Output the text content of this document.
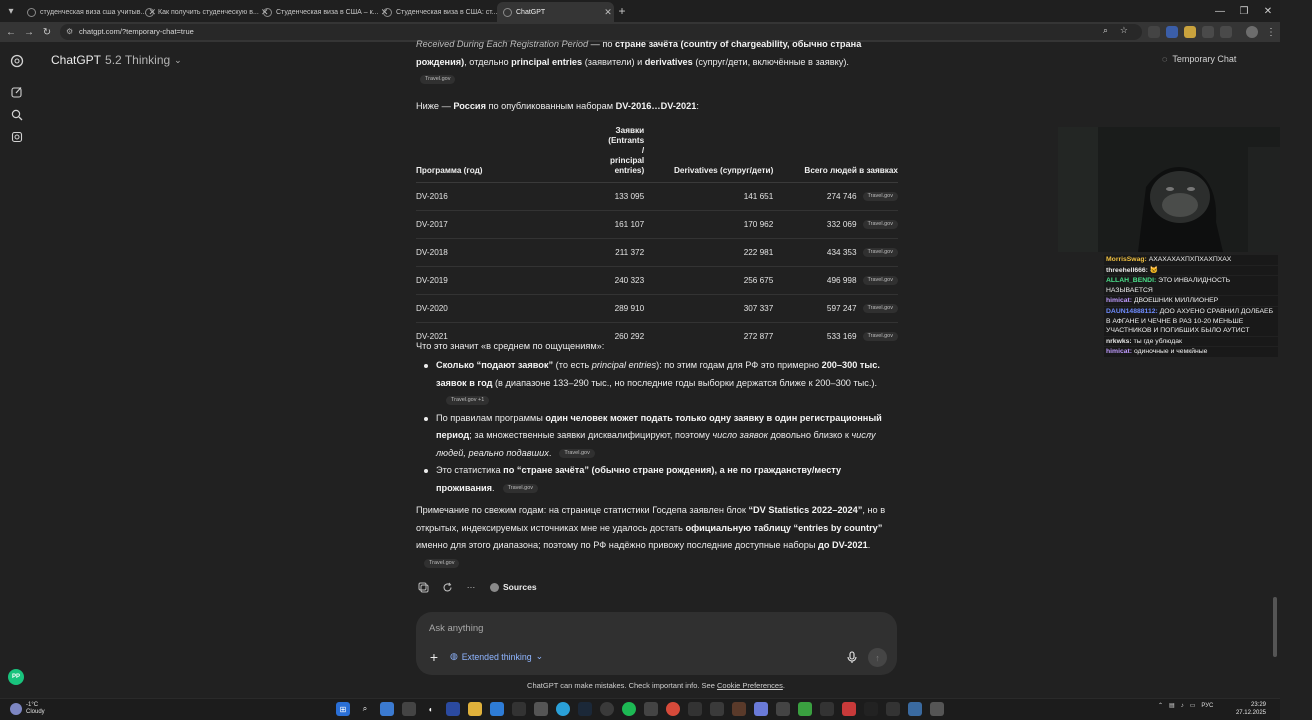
▾	студенческая виза сша учитыв... ✕ Как получить студенческую в... ✕	Студенческая виза в США – к... ✕	Студенческая виза в США: ст...	ChatGPT	✕ +	—	❐	✕
← → ↻	⚙ chatgpt.com/?temporary-chat=true	⌕ ☆	⋮
РР
ChatGPT 5.2 Thinking ⌄	◌ Temporary Chat
Received During Each Registration Period — по стране зачёта (country of chargeability, обычно страна рождения), отдельно principal entries (заявители) и derivatives (супруг/дети, включённые в заявку).
Travel.gov
Ниже — Россия по опубликованным наборам DV-2016…DV-2021:
Программа (год)	Заявки (Entrants / principal entries)	Derivatives (супруг/дети)	Всего людей в заявках
DV-2016	133 095	141 651	274 746 Travel.gov
DV-2017	161 107	170 962	332 069 Travel.gov
DV-2018	211 372	222 981	434 353 Travel.gov
DV-2019	240 323	256 675	496 998 Travel.gov
DV-2020	289 910	307 337	597 247 Travel.gov
DV-2021	260 292	272 877	533 169 Travel.gov
Что это значит «в среднем по ощущениям»:
Сколько “подают заявок” (то есть principal entries): по этим годам для РФ это примерно 200–300 тыс. заявок в год (в диапазоне 133–290 тыс., но последние годы выборки держатся ближе к 200–300 тыс.).Travel.gov +1
По правилам программы один человек может подать только одну заявку в один регистрационный период; за множественные заявки дисквалифицируют, поэтому число заявок довольно близко к числу людей, реально подавших. Travel.gov
Это статистика по “стране зачёта” (обычно стране рождения), а не по гражданству/месту проживания. Travel.gov
Примечание по свежим годам: на странице статистики Госдепа заявлен блок “DV Statistics 2022–2024”, но в открытых, индексируемых источниках мне не удалось достать официальную таблицу “entries by country” именно для этого диапазона; поэтому по РФ надёжно привожу последние доступные наборы до DV-2021.Travel.gov
⋯	Sources
Ask anything
+	◍ Extended thinking ⌄	↑
ChatGPT can make mistakes. Check important info. See Cookie Preferences.
MorrisSwag: АХАХАХАХПХПХАХПХАХ
threehell666: 🐱
ALLAH_BENDI: ЭТО ИНВАЛИДНОСТЬ НАЗЫВАЕТСЯ
himicat: ДВОЕШНИК МИЛЛИОНЕР
DAUN14888112: ДОО АХУЕНО СРАВНИЛ ДОЛБАЕБ В АФГАНЕ И ЧЕЧНЕ В РАЗ 10-20 МЕНЬШЕ УЧАСТНИКОВ И ПОГИБШИХ БЫЛО АУТИСТ
nrkwks: ты где ублюдак
himicat: одиночные и чемкйные
-1°C
Cloudy	⊞	⌕	◐	⌃ ▤ ♪ ▭ РУС	23:29
27.12.2025
